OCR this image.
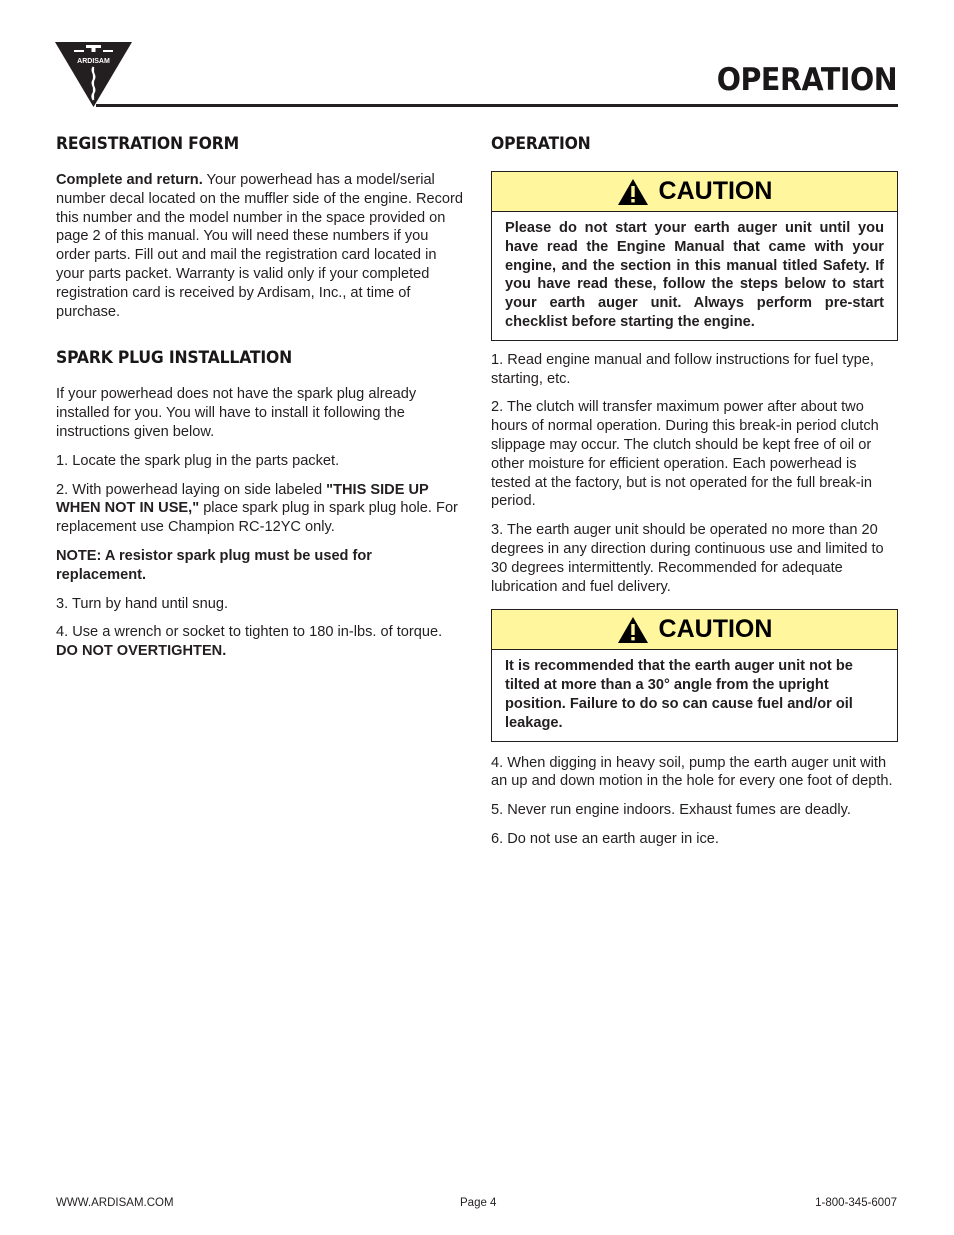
ARDISAM
OPERATION
REGISTRATION FORM

Complete and return. Your powerhead has a model/serial number decal located on the muffler side of the engine. Record this number and the model number in the space provided on page 2 of this manual. You will need these numbers if you order parts. Fill out and mail the registration card located in your parts packet. Warranty is valid only if your completed registration card is received by Ardisam, Inc., at time of purchase.

SPARK PLUG INSTALLATION

If your powerhead does not have the spark plug already installed for you. You will have to install it following the instructions given below.

1. Locate the spark plug in the parts packet.

2. With powerhead laying on side labeled "THIS SIDE UP WHEN NOT IN USE," place spark plug in spark plug hole. For replacement use Champion RC-12YC only.

NOTE: A resistor spark plug must be used for replacement.

3. Turn by hand until snug.

4. Use a wrench or socket to tighten to 180 in-lbs. of torque. DO NOT OVERTIGHTEN.

OPERATION
CAUTION
Please do not start your earth auger unit until you have read the Engine Manual that came with your engine, and the section in this manual titled Safety. If you have read these, follow the steps below to start your earth auger unit. Always perform pre-start checklist before starting the engine.

1. Read engine manual and follow instructions for fuel type, starting, etc.

2. The clutch will transfer maximum power after about two hours of normal operation. During this break-in period clutch slippage may occur. The clutch should be kept free of oil or other moisture for efficient operation. Each powerhead is tested at the factory, but is not operated for the full break-in period.

3. The earth auger unit should be operated no more than 20 degrees in any direction during continuous use and limited to 30 degrees intermittently. Recommended for adequate lubrication and fuel delivery.

CAUTION
It is recommended that the earth auger unit not be tilted at more than a 30° angle from the upright position. Failure to do so can cause fuel and/or oil leakage.

4. When digging in heavy soil, pump the earth auger unit with an up and down motion in the hole for every one foot of depth.

5. Never run engine indoors. Exhaust fumes are deadly.

6. Do not use an earth auger in ice.

WWW.ARDISAM.COM	Page 4	1-800-345-6007
